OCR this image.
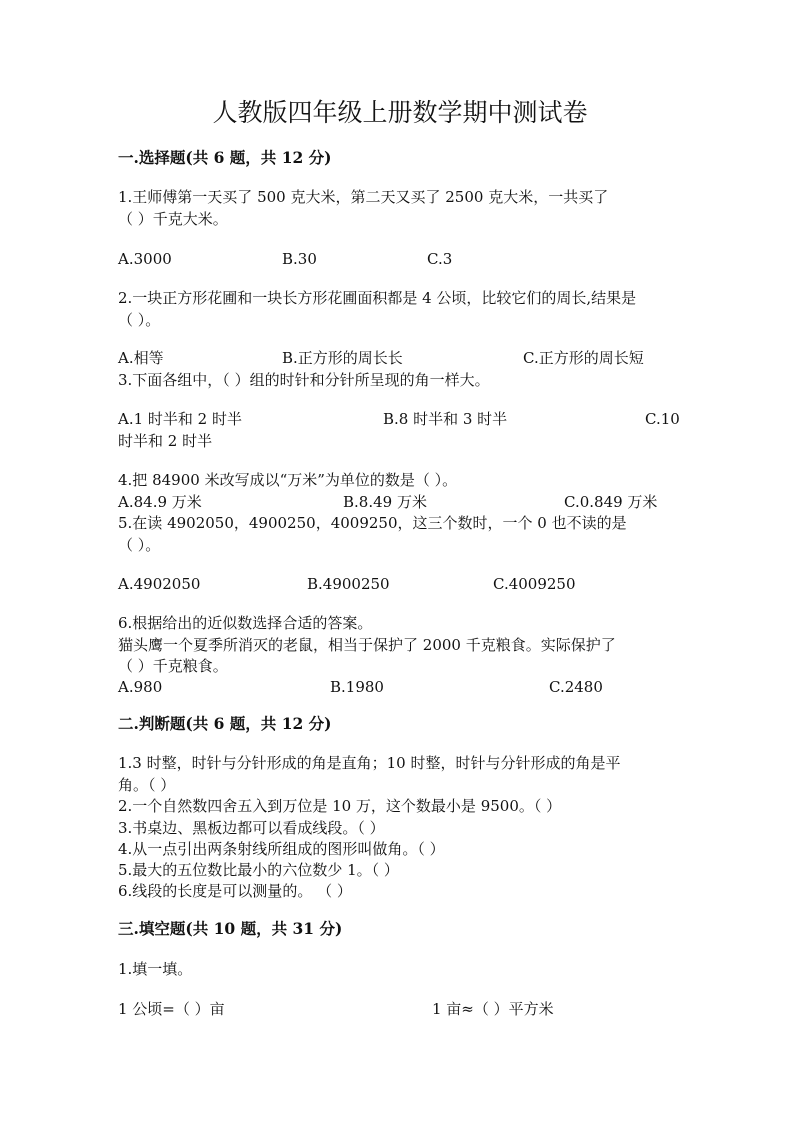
人教版四年级上册数学期中测试卷
一.选择题(共 6 题，共 12 分)
1.王师傅第一天买了 500 克大米，第二天又买了 2500 克大米，一共买了
（ ）千克大米。
A.3000	B.30	C.3
2.一块正方形花圃和一块长方形花圃面积都是 4 公顷，比较它们的周长,结果是
（ ）。
A.相等	B.正方形的周长长	C.正方形的周长短
3.下面各组中，（ ）组的时针和分针所呈现的角一样大。
A.1 时半和 2 时半	B.8 时半和 3 时半	C.10
时半和 2 时半
4.把 84900 米改写成以“万米”为单位的数是（ ）。
A.84.9 万米	B.8.49 万米	C.0.849 万米
5.在读 4902050，4900250，4009250，这三个数时，一个 0 也不读的是
（ ）。
A.4902050	B.4900250	C.4009250
6.根据给出的近似数选择合适的答案。
猫头鹰一个夏季所消灭的老鼠，相当于保护了 2000 千克粮食。实际保护了
（ ）千克粮食。
A.980	B.1980	C.2480
二.判断题(共 6 题，共 12 分)
1.3 时整，时针与分针形成的角是直角；10 时整，时针与分针形成的角是平
角。（ ）
2.一个自然数四舍五入到万位是 10 万，这个数最小是 9500。（ ）
3.书桌边、黑板边都可以看成线段。（ ）
4.从一点引出两条射线所组成的图形叫做角。（ ）
5.最大的五位数比最小的六位数少 1。（ ）
6.线段的长度是可以测量的。 （ ）
三.填空题(共 10 题，共 31 分)
1.填一填。
1 公顷=（ ）亩	1 亩≈（ ）平方米
